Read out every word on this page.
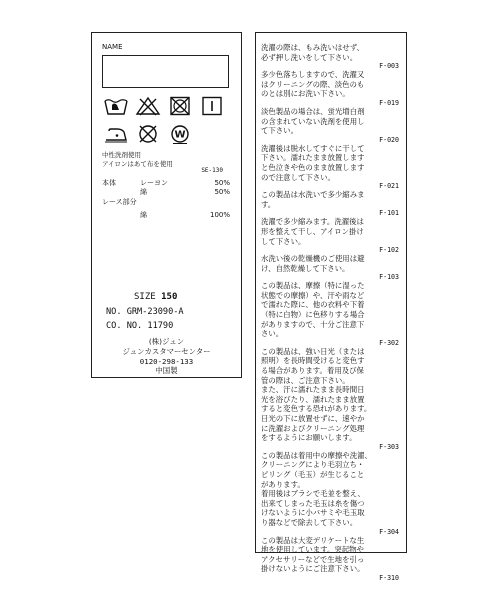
NAME
W
中性洗剤使用
アイロンはあて布を使用
SE-130
本体	レーヨン	50%
綿	50%
レース部分
綿	100%
SIZE 150
NO. GRM-23090-A
CO. NO. 11790
(株)ジュン
ジュンカスタマーセンター
0120-298-133
中国製
洗濯の際は、もみ洗いはせず、
必ず押し洗いをして下さい。
F-003
多少色落ちしますので、洗濯又
はクリーニングの際、淡色のも
のとは別にお洗い下さい。
F-019
淡色製品の場合は、蛍光増白剤
の含まれていない洗剤を使用し
て下さい。
F-020
洗濯後は脱水してすぐに干して
下さい。濡れたまま放置します
と色泣きや色のまま放置します
ので注意して下さい。
F-021
この製品は水洗いで多少縮みま
す。
F-101
洗濯で多少縮みます。洗濯後は
形を整えて干し、アイロン掛け
して下さい。
F-102
水洗い後の乾燥機のご使用は避
け、自然乾燥して下さい。
F-103
この製品は、摩擦（特に湿った
状態での摩擦）や、汗や雨など
で濡れた際に、他の衣料や下着
（特に白物）に色移りする場合
がありますので、十分ご注意下
さい。
F-302
この製品は、強い日光（または
照明）を長時間受けると変色す
る場合があります。着用及び保
管の際は、ご注意下さい。
また、汗に濡れたまま長時間日
光を浴びたり、濡れたまま放置
すると変色する恐れがあります。
日光の下に放置せずに、速やか
に洗濯およびクリーニング処理
をするようにお願いします。
F-303
この製品は着用中の摩擦や洗濯、
クリーニングにより毛羽立ち・
ピリング（毛玉）が生じること
があります。
着用後はブラシで毛並を整え、
出来てしまった毛玉は糸を傷つ
けないように小バサミや毛玉取
り器などで除去して下さい。
F-304
この製品は大変デリケートな生
地を使用しています。突起物や
アクセサリーなどで生地を引っ
掛けないようにご注意下さい。
F-310
